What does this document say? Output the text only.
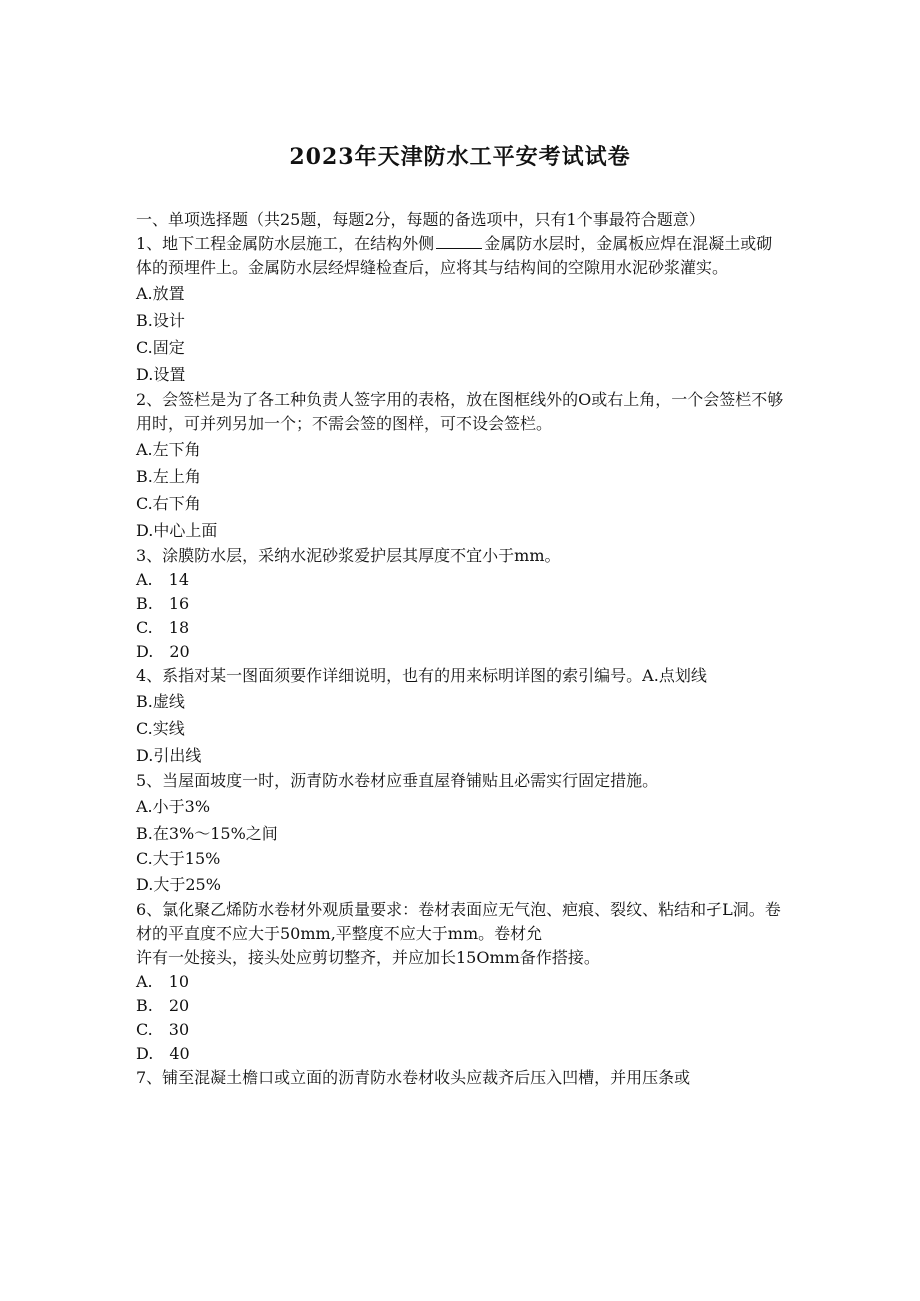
2023年天津防水工平安考试试卷
一、单项选择题（共25题，每题2分，每题的备选项中，只有1个事最符合题意）
1、地下工程金属防水层施工，在结构外侧	金属防水层时，金属板应焊在混凝土或砌体的预埋件上。金属防水层经焊缝检查后，应将其与结构间的空隙用水泥砂浆灌实。
A.放置
B.设计
C.固定
D.设置
2、会签栏是为了各工种负责人签字用的表格，放在图框线外的O或右上角，一个会签栏不够用时，可并列另加一个；不需会签的图样，可不设会签栏。
A.左下角
B.左上角
C.右下角
D.中心上面
3、涂膜防水层，采纳水泥砂浆爱护层其厚度不宜小于mm。
A.　14
B.　16
C.　18
D.　20
4、系指对某一图面须要作详细说明，也有的用来标明详图的索引编号。A.点划线
B.虚线
C.实线
D.引出线
5、当屋面坡度一时，沥青防水卷材应垂直屋脊铺贴且必需实行固定措施。
A.小于3%
B.在3%～15%之间
C.大于15%
D.大于25%
6、氯化聚乙烯防水卷材外观质量要求：卷材表面应无气泡、疤痕、裂纹、粘结和孑L洞。卷材的平直度不应大于50mm,平整度不应大于mm。卷材允
许有一处接头，接头处应剪切整齐，并应加长15Omm备作搭接。
A.　10
B.　20
C.　30
D.　40
7、铺至混凝土檐口或立面的沥青防水卷材收头应裁齐后压入凹槽，并用压条或
